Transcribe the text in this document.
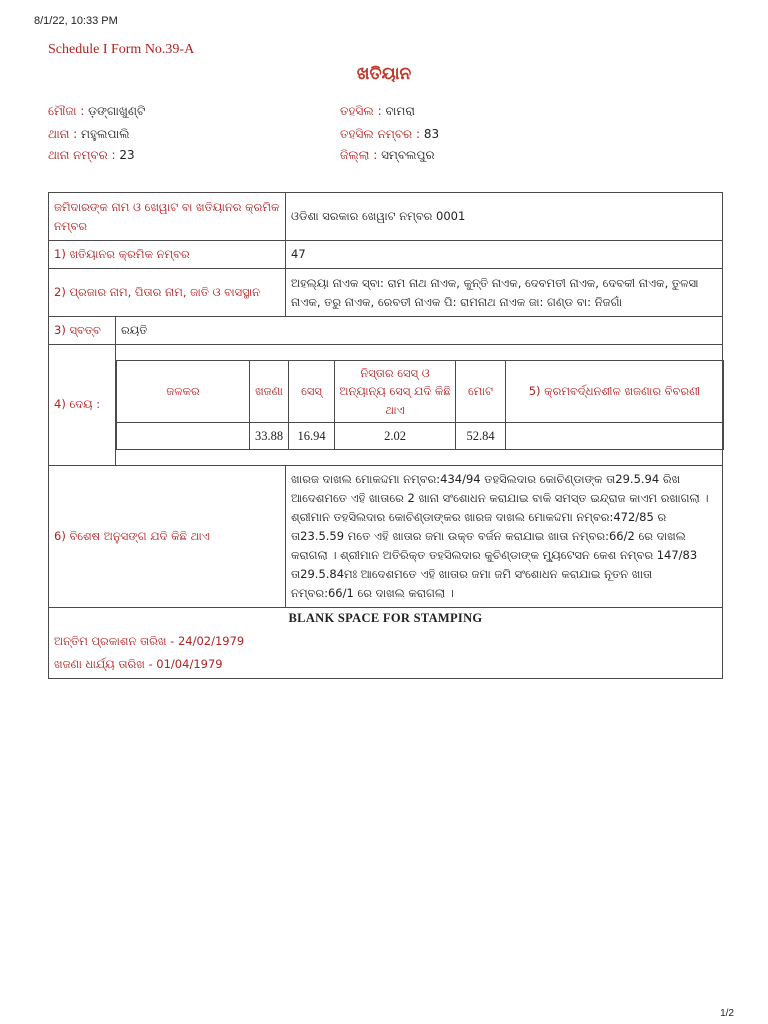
8/1/22, 10:33 PM
Schedule I Form No.39-A
ଖତିୟାନ
ମୌଜା : ଡ଼ଙ୍ଗାଖୁଣ୍ଟି
ଥାନା : ମହୁଲପାଲି
ଥାନା ନମ୍ବର : 23
ତହସିଲ : ବାମରା
ତହସିଲ ନମ୍ବର : 83
ଜିଲ୍ଲା : ସମ୍ବଲପୁର
ଜମିଦାରଙ୍କ ନାମ ଓ ଖେୱାଟ ବା ଖତିୟାନର କ୍ରମିକ ନମ୍ବର	ଓଡିଶା ସରକାର ଖେୱାଟ ନମ୍ବର 0001
1) ଖତିୟାନର କ୍ରମିକ ନମ୍ବର	47
2) ପ୍ରଜାର ନାମ, ପିତାର ନାମ, ଜାତି ଓ ବାସସ୍ଥାନ	ଅହଲ୍ୟା ନାଏକ ସ୍ବା: ରାମ ନାଥ ନାଏକ, କୁନ୍ତି ନାଏକ, ଦେବମତୀ ନାଏକ, ଦେବକୀ ନାଏକ, ତୁଳସା ନାଏକ, ତରୁ ନାଏକ, ରେବତୀ ନାଏକ ପି: ରାମନାଥ ନାଏକ ଜା: ଗଣ୍ଡ ବା: ନିଜଗାଁ
3) ସ୍ବତ୍ବ	ରୟତି
4) ଦେୟ :	
ଜଳକର	ଖଜଣା	ସେସ୍	ନିସ୍ତାର ସେସ୍ ଓ ଅନ୍ୟାନ୍ୟ ସେସ୍ ଯଦି କିଛି ଥାଏ	ମୋଟ	5) କ୍ରମବର୍ଦ୍ଧନଶୀଳ ଖଜଣାର ବିବରଣୀ
	33.88	16.94	2.02	52.84	

6) ବିଶେଷ ଅନୁସଙ୍ଗ ଯଦି କିଛି ଥାଏ	ଖାରଜ ଦାଖଲ ମୋକଦ୍ଦମା ନମ୍ବର:434/94 ତହସିଲଦାର କୋଚିଣ୍ଡାଙ୍କ ତା29.5.94 ରିଖ ଆଦେଶମତେ ଏହି ଖାତାରେ 2 ଖାନା ସଂଶୋଧନ କରାଯାଇ ବାକି ସମସ୍ତ ଇନ୍ଦ୍ରାଜ କାଏମ ରଖାଗଲା । ଶ୍ରୀମାନ ତହସିଲଦାର କୋଚିଣ୍ଡାଙ୍କର ଖାରଜ ଦାଖଲ ମୋକଦ୍ଦମା ନମ୍ବର:472/85 ର ତା23.5.59 ମତେ ଏହି ଖାତାର ଜମା ଉକ୍ତ ବର୍ଜନ କରାଯାଇ ଖାତା ନମ୍ବର:66/2 ରେ ଦାଖଲ କରାଗଲା । ଶ୍ରୀମାନ ଅତିରିକ୍ତ ତହସିଲଦାର କୁଚିଣ୍ଡାଙ୍କ ମ୍ୟୁଟେସନ କେଶ ନମ୍ବର 147/83 ତା29.5.84ମଃ ଆଦେଶମତେ ଏହି ଖାତାର ଜମା ଜମି ସଂଶୋଧନ କରାଯାଇ ନୂତନ ଖାତା ନମ୍ବର:66/1 ରେ ଦାଖଲ କରାଗଲା ।

BLANK SPACE FOR STAMPING
ଅନ୍ତିମ ପ୍ରକାଶନ ତାରିଖ - 24/02/1979
ଖଜଣା ଧାର୍ଯ୍ୟ ତାରିଖ - 01/04/1979
1/2
